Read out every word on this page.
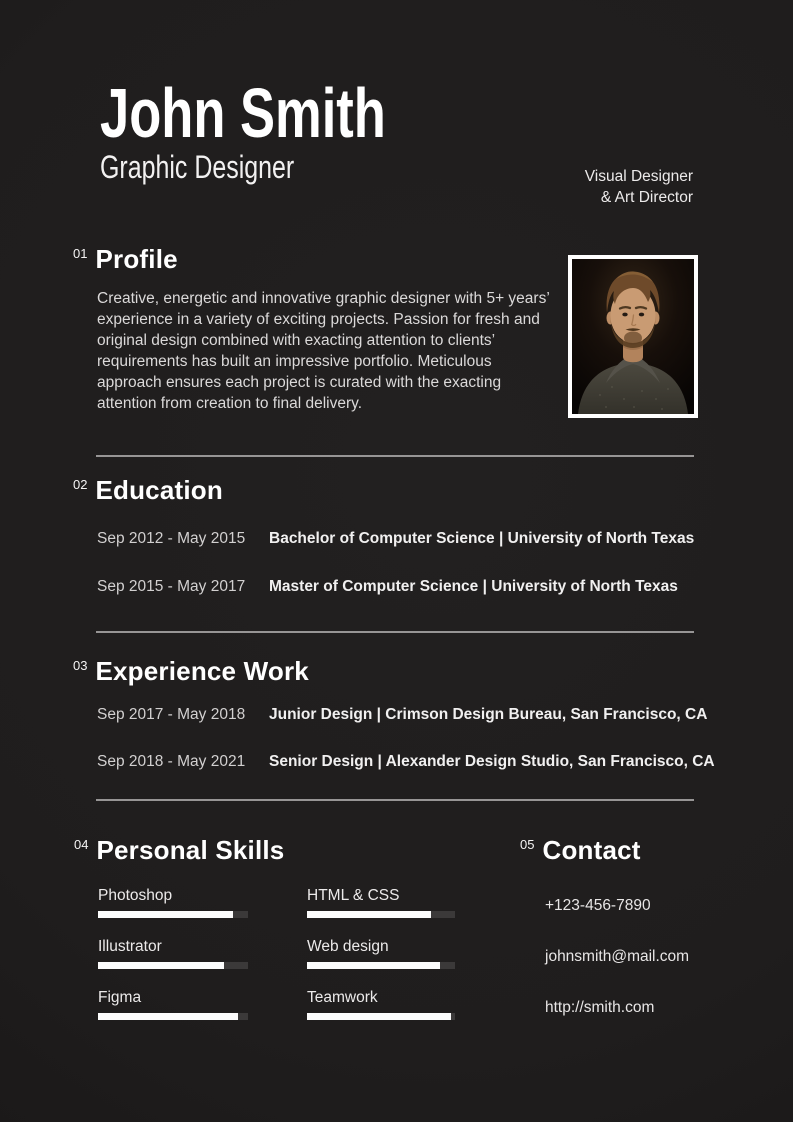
John Smith
Graphic Designer	Visual Designer
& Art Director
01 Profile
Creative, energetic and innovative graphic designer with 5+ years’ experience in a variety of exciting projects. Passion for fresh and original design combined with exacting attention to clients’ requirements has built an impressive portfolio. Meticulous approach ensures each project is curated with the exacting attention from creation to final delivery.
02 Education
Sep 2012 - May 2015 Bachelor of Computer Science | University of North Texas
Sep 2015 - May 2017 Master of Computer Science | University of North Texas
03 Experience Work
Sep 2017 - May 2018 Junior Design | Crimson Design Bureau, San Francisco, CA
Sep 2018 - May 2021 Senior Design | Alexander Design Studio, San Francisco, CA
04 Personal Skills
Photoshop
Illustrator
Figma
HTML & CSS
Web design
Teamwork
05 Contact
+123-456-7890
johnsmith@mail.com
http://smith.com
